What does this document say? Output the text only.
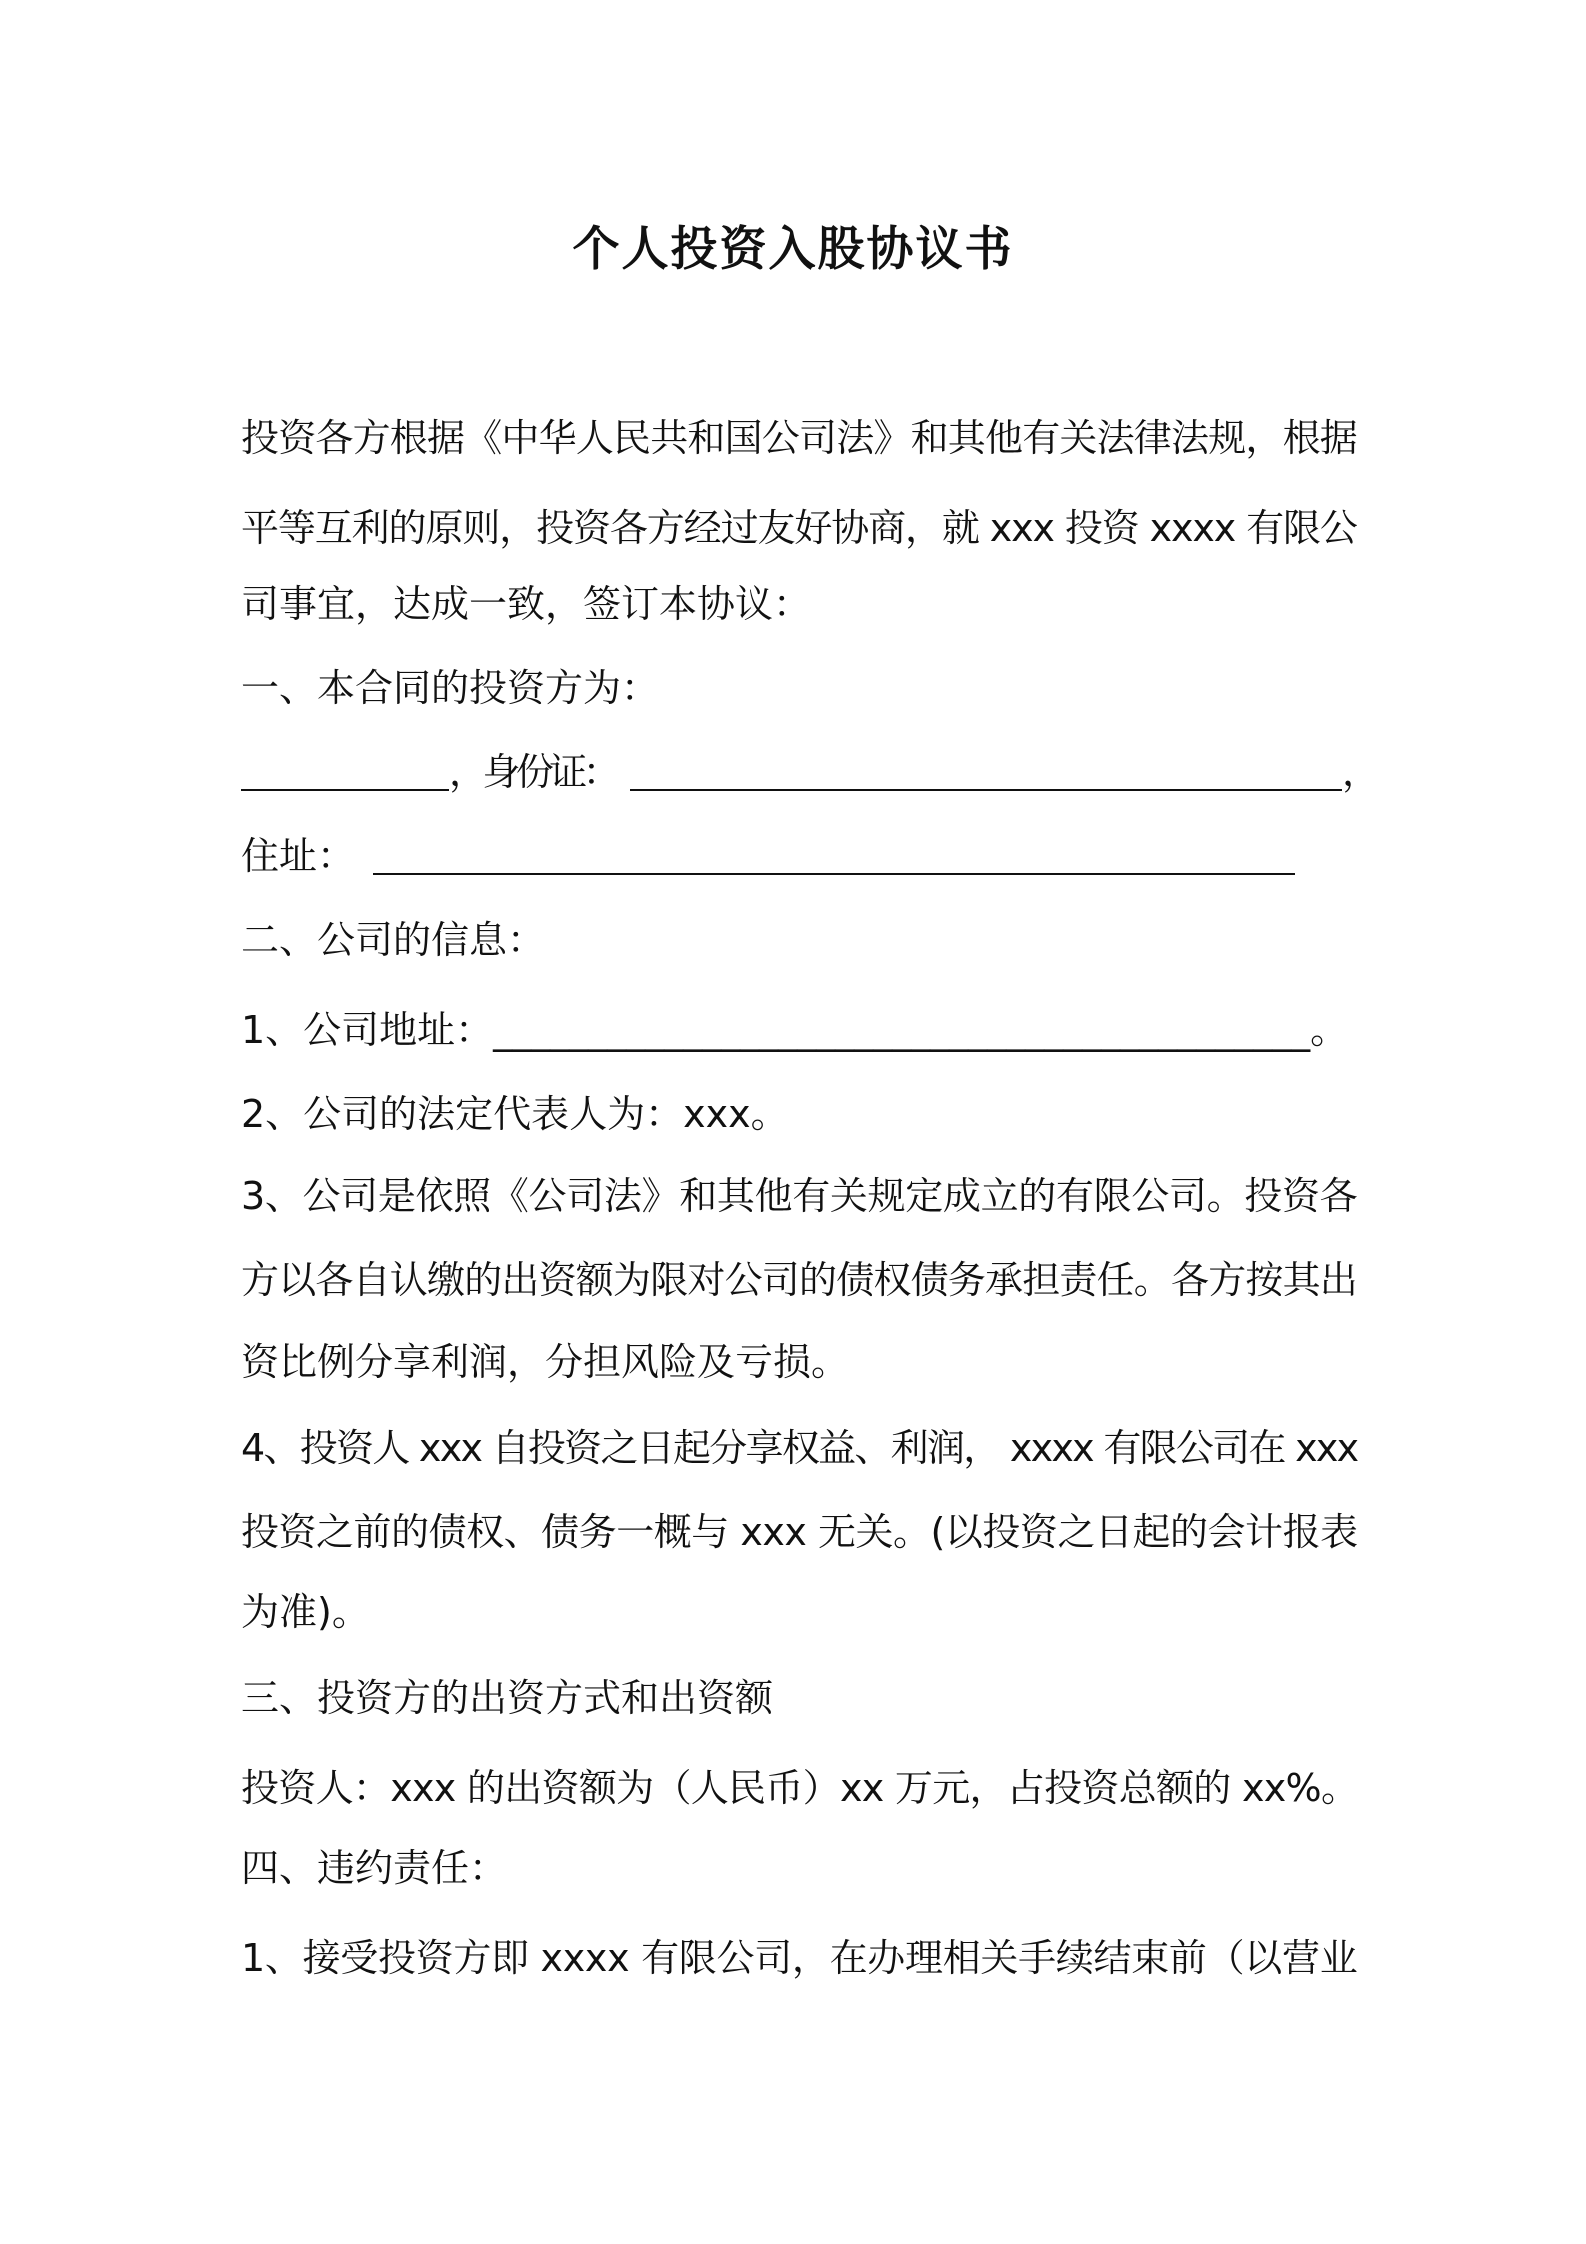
个人投资入股协议书
投资各方根据《中华人民共和国公司法》和其他有关法律法规，根据
平等互利的原则，投资各方经过友好协商，就 xxx 投资 xxxx 有限公
司事宜，达成一致，签订本协议：
一、本合同的投资方为：
，身份证：	，
住址：
二、公司的信息：
1、公司地址：___________________________________________。
2、公司的法定代表人为：xxx。
3、公司是依照《公司法》和其他有关规定成立的有限公司。投资各
方以各自认缴的出资额为限对公司的债权债务承担责任。各方按其出
资比例分享利润，分担风险及亏损。
4、投资人 xxx 自投资之日起分享权益、利润， xxxx 有限公司在 xxx
投资之前的债权、债务一概与 xxx 无关。(以投资之日起的会计报表
为准)。
三、投资方的出资方式和出资额
投资人：xxx 的出资额为（人民币）xx 万元，占投资总额的 xx%。
四、违约责任：
1、接受投资方即 xxxx 有限公司，在办理相关手续结束前（以营业
